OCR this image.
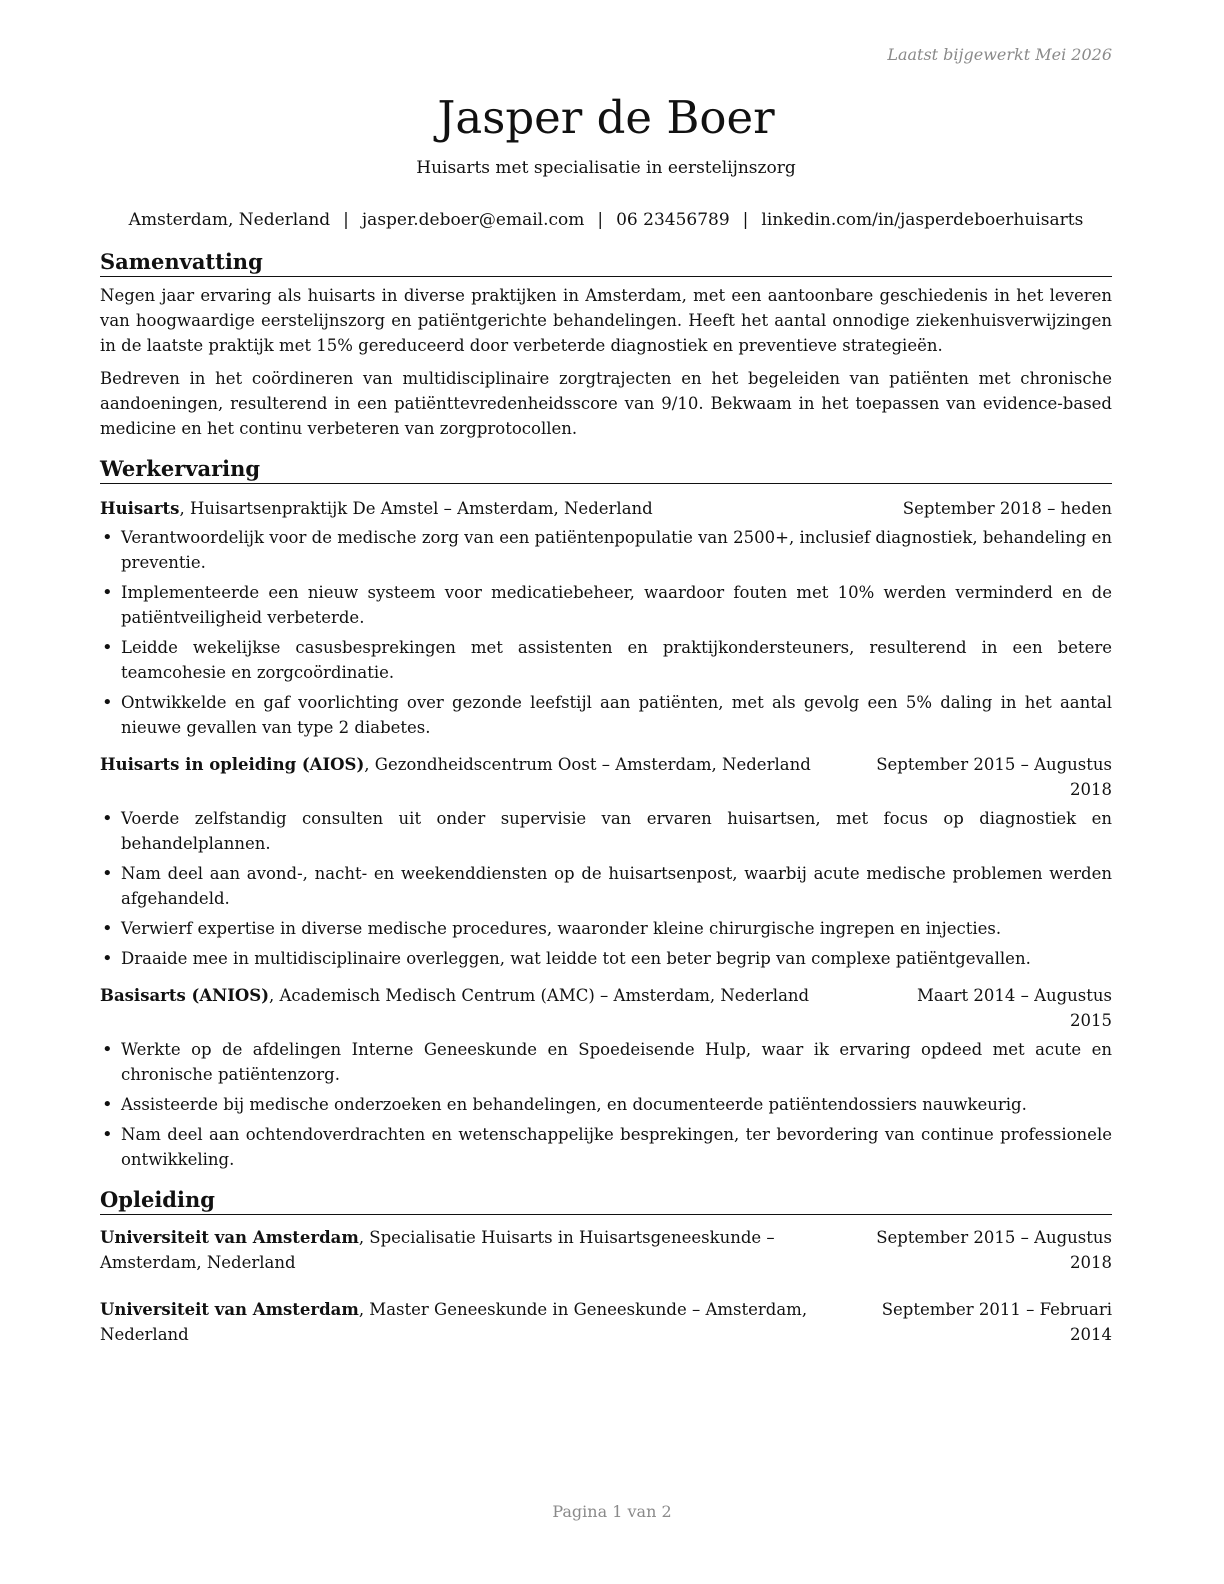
Laatst bijgewerkt Mei 2026
Jasper de Boer
Huisarts met specialisatie in eerstelijnszorg
Amsterdam, Nederland | jasper.deboer@email.com | 06 23456789 | linkedin.com/in/jasperdeboerhuisarts
Samenvatting

Negen jaar ervaring als huisarts in diverse praktijken in Amsterdam, met een aantoonbare geschiedenis in het leveren van hoogwaardige eerstelijnszorg en patiëntgerichte behandelingen. Heeft het aantal onnodige ziekenhuisverwijzingen in de laatste praktijk met 15% gereduceerd door verbeterde diagnostiek en preventieve strategieën.

Bedreven in het coördineren van multidisciplinaire zorgtrajecten en het begeleiden van patiënten met chronische aandoeningen, resulterend in een patiënttevredenheidsscore van 9/10. Bekwaam in het toepassen van evidence-based medicine en het continu verbeteren van zorgprotocollen.

Werkervaring
Huisarts, Huisartsenpraktijk De Amstel – Amsterdam, Nederland	September 2018 – heden
• Verantwoordelijk voor de medische zorg van een patiëntenpopulatie van 2500+, inclusief diagnostiek, behandeling en preventie.
• Implementeerde een nieuw systeem voor medicatiebeheer, waardoor fouten met 10% werden verminderd en de patiëntveiligheid verbeterde.
• Leidde wekelijkse casusbesprekingen met assistenten en praktijkondersteuners, resulterend in een betere teamcohesie en zorgcoördinatie.
• Ontwikkelde en gaf voorlichting over gezonde leefstijl aan patiënten, met als gevolg een 5% daling in het aantal nieuwe gevallen van type 2 diabetes.
Huisarts in opleiding (AIOS), Gezondheidscentrum Oost – Amsterdam, Nederland	September 2015 – Augustus 2018
• Voerde zelfstandig consulten uit onder supervisie van ervaren huisartsen, met focus op diagnostiek en behandelplannen.
• Nam deel aan avond-, nacht- en weekenddiensten op de huisartsenpost, waarbij acute medische problemen werden afgehandeld.
• Verwierf expertise in diverse medische procedures, waaronder kleine chirurgische ingrepen en injecties.
• Draaide mee in multidisciplinaire overleggen, wat leidde tot een beter begrip van complexe patiëntgevallen.
Basisarts (ANIOS), Academisch Medisch Centrum (AMC) – Amsterdam, Nederland	Maart 2014 – Augustus 2015
• Werkte op de afdelingen Interne Geneeskunde en Spoedeisende Hulp, waar ik ervaring opdeed met acute en chronische patiëntenzorg.
• Assisteerde bij medische onderzoeken en behandelingen, en documenteerde patiëntendossiers nauwkeurig.
• Nam deel aan ochtendoverdrachten en wetenschappelijke besprekingen, ter bevordering van continue professionele ontwikkeling.
Opleiding
Universiteit van Amsterdam, Specialisatie Huisarts in Huisartsgeneeskunde – Amsterdam, Nederland
September 2015 – Augustus 2018
Universiteit van Amsterdam, Master Geneeskunde in Geneeskunde – Amsterdam, Nederland
September 2011 – Februari 2014
Pagina 1 van 2
